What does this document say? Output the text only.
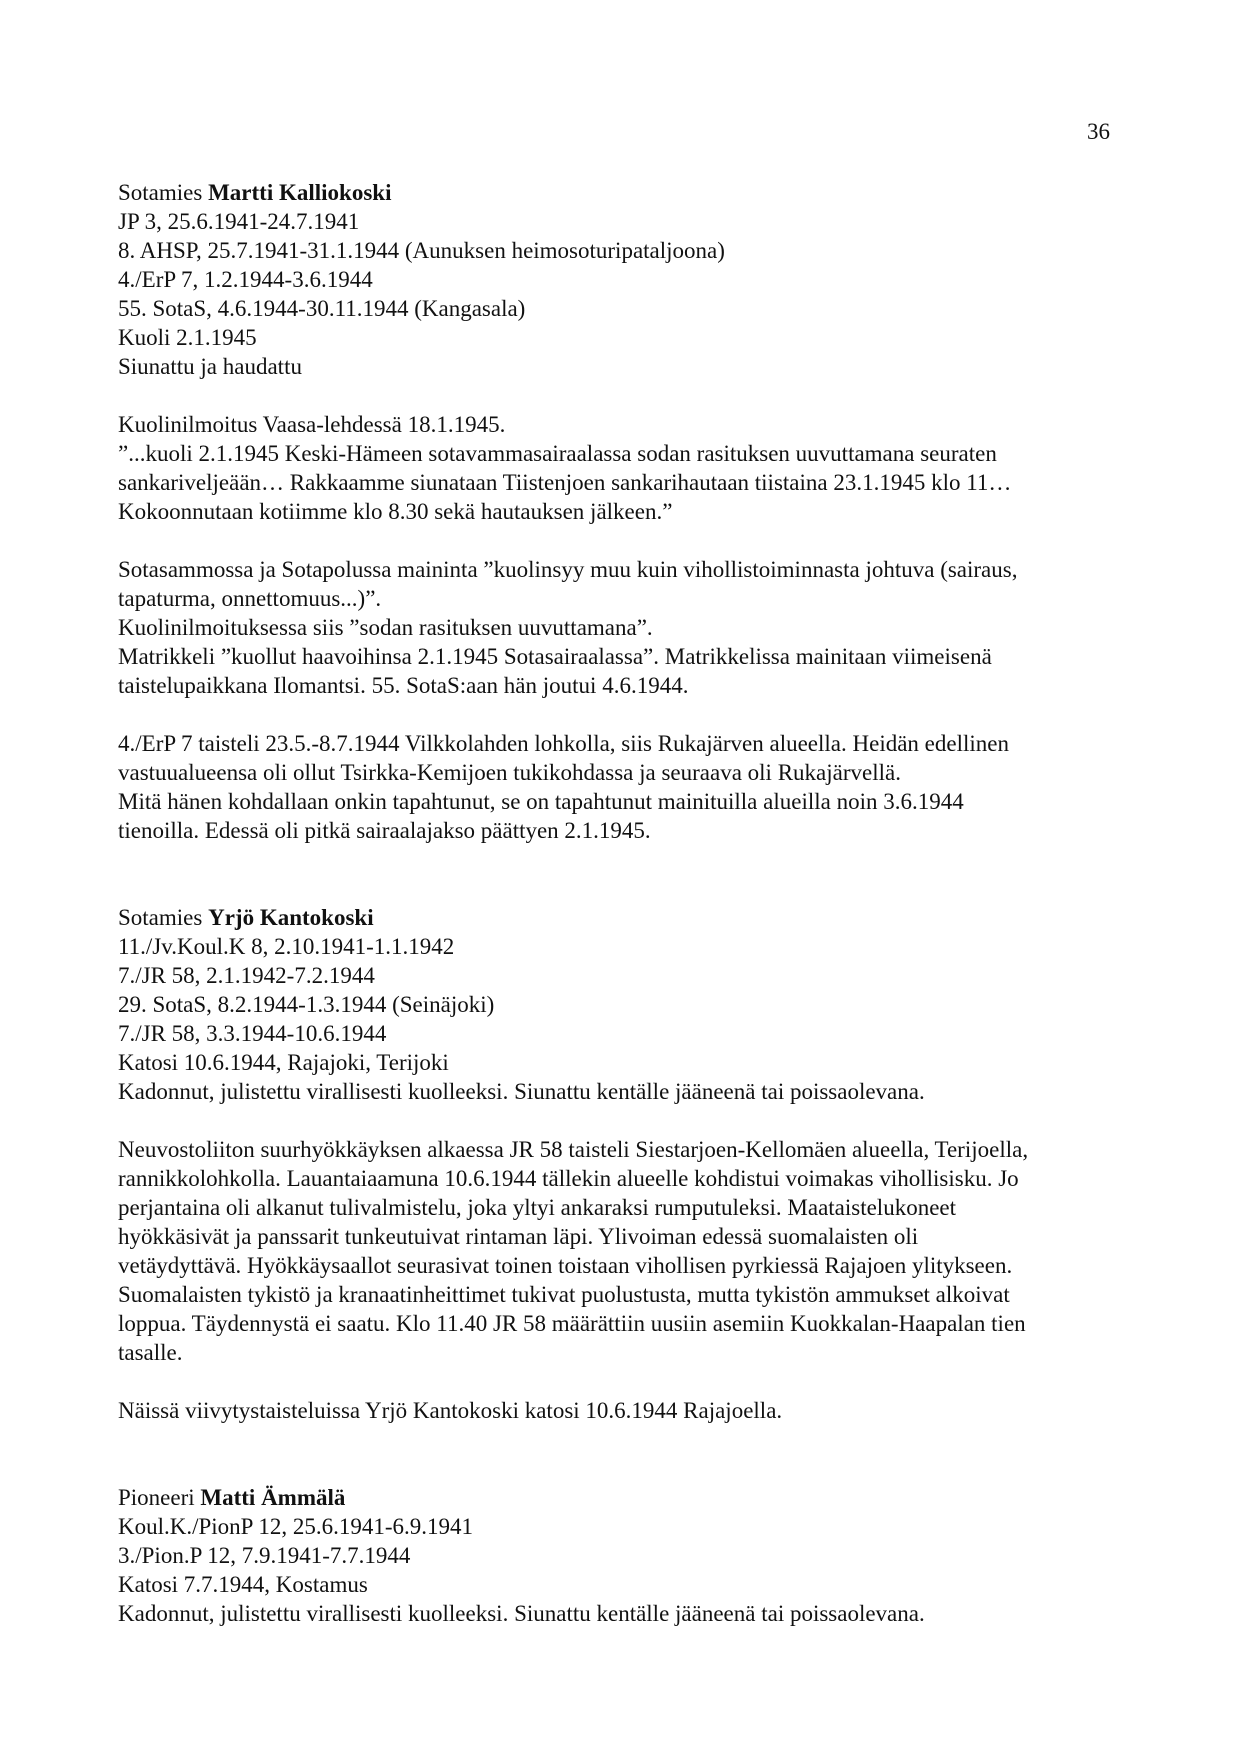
36
Sotamies Martti Kalliokoski
JP 3, 25.6.1941-24.7.1941
8. AHSP, 25.7.1941-31.1.1944 (Aunuksen heimosoturipataljoona)
4./ErP 7, 1.2.1944-3.6.1944
55. SotaS, 4.6.1944-30.11.1944 (Kangasala)
Kuoli 2.1.1945
Siunattu ja haudattu
Kuolinilmoitus Vaasa-lehdessä 18.1.1945.
”...kuoli 2.1.1945 Keski-Hämeen sotavammasairaalassa sodan rasituksen uuvuttamana seuraten
sankariveljeään… Rakkaamme siunataan Tiistenjoen sankarihautaan tiistaina 23.1.1945 klo 11…
Kokoonnutaan kotiimme klo 8.30 sekä hautauksen jälkeen.”
Sotasammossa ja Sotapolussa maininta ”kuolinsyy muu kuin vihollistoiminnasta johtuva (sairaus,
tapaturma, onnettomuus...)”.
Kuolinilmoituksessa siis ”sodan rasituksen uuvuttamana”.
Matrikkeli ”kuollut haavoihinsa 2.1.1945 Sotasairaalassa”. Matrikkelissa mainitaan viimeisenä
taistelupaikkana Ilomantsi. 55. SotaS:aan hän joutui 4.6.1944.
4./ErP 7 taisteli 23.5.-8.7.1944 Vilkkolahden lohkolla, siis Rukajärven alueella. Heidän edellinen
vastuualueensa oli ollut Tsirkka-Kemijoen tukikohdassa ja seuraava oli Rukajärvellä.
Mitä hänen kohdallaan onkin tapahtunut, se on tapahtunut mainituilla alueilla noin 3.6.1944
tienoilla. Edessä oli pitkä sairaalajakso päättyen 2.1.1945.
Sotamies Yrjö Kantokoski
11./Jv.Koul.K 8, 2.10.1941-1.1.1942
7./JR 58, 2.1.1942-7.2.1944
29. SotaS, 8.2.1944-1.3.1944 (Seinäjoki)
7./JR 58, 3.3.1944-10.6.1944
Katosi 10.6.1944, Rajajoki, Terijoki
Kadonnut, julistettu virallisesti kuolleeksi. Siunattu kentälle jääneenä tai poissaolevana.
Neuvostoliiton suurhyökkäyksen alkaessa JR 58 taisteli Siestarjoen-Kellomäen alueella, Terijoella,
rannikkolohkolla. Lauantaiaamuna 10.6.1944 tällekin alueelle kohdistui voimakas vihollisisku. Jo
perjantaina oli alkanut tulivalmistelu, joka yltyi ankaraksi rumputuleksi. Maataistelukoneet
hyökkäsivät ja panssarit tunkeutuivat rintaman läpi. Ylivoiman edessä suomalaisten oli
vetäydyttävä. Hyökkäysaallot seurasivat toinen toistaan vihollisen pyrkiessä Rajajoen ylitykseen.
Suomalaisten tykistö ja kranaatinheittimet tukivat puolustusta, mutta tykistön ammukset alkoivat
loppua. Täydennystä ei saatu. Klo 11.40 JR 58 määrättiin uusiin asemiin Kuokkalan-Haapalan tien
tasalle.
Näissä viivytystaisteluissa Yrjö Kantokoski katosi 10.6.1944 Rajajoella.
Pioneeri Matti Ämmälä
Koul.K./PionP 12, 25.6.1941-6.9.1941
3./Pion.P 12, 7.9.1941-7.7.1944
Katosi 7.7.1944, Kostamus
Kadonnut, julistettu virallisesti kuolleeksi. Siunattu kentälle jääneenä tai poissaolevana.
